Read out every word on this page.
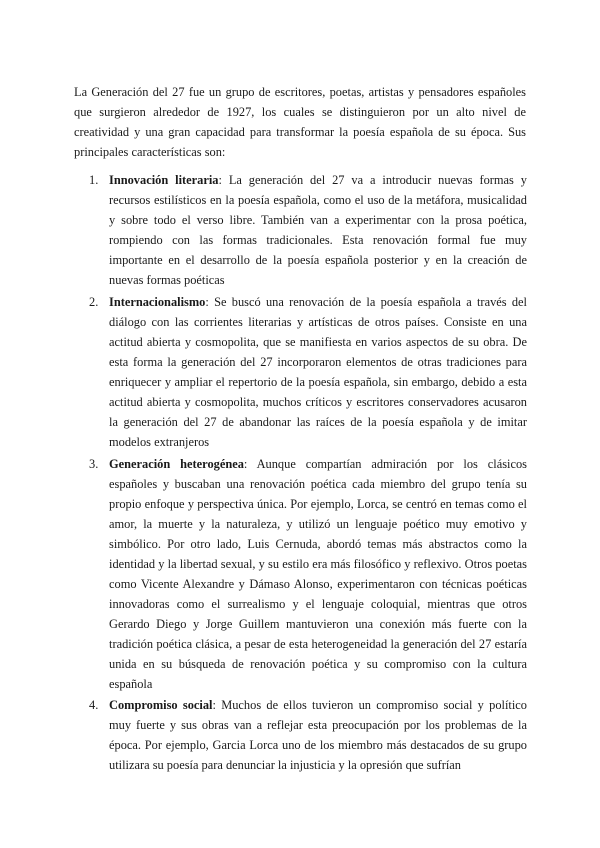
La Generación del 27 fue un grupo de escritores, poetas, artistas y pensadores españoles que surgieron alrededor de 1927, los cuales se distinguieron por un alto nivel de creatividad y una gran capacidad para transformar la poesía española de su época. Sus principales características son:

1. Innovación literaria: La generación del 27 va a introducir nuevas formas y recursos estilísticos en la poesía española, como el uso de la metáfora, musicalidad y sobre todo el verso libre. También van a experimentar con la prosa poética, rompiendo con las formas tradicionales. Esta renovación formal fue muy importante en el desarrollo de la poesía española posterior y en la creación de nuevas formas poéticas

2. Internacionalismo: Se buscó una renovación de la poesía española a través del diálogo con las corrientes literarias y artísticas de otros países. Consiste en una actitud abierta y cosmopolita, que se manifiesta en varios aspectos de su obra. De esta forma la generación del 27 incorporaron elementos de otras tradiciones para enriquecer y ampliar el repertorio de la poesía española, sin embargo, debido a esta actitud abierta y cosmopolita, muchos críticos y escritores conservadores acusaron la generación del 27 de abandonar las raíces de la poesía española y de imitar modelos extranjeros

3. Generación heterogénea: Aunque compartían admiración por los clásicos españoles y buscaban una renovación poética cada miembro del grupo tenía su propio enfoque y perspectiva única. Por ejemplo, Lorca, se centró en temas como el amor, la muerte y la naturaleza, y utilizó un lenguaje poético muy emotivo y simbólico. Por otro lado, Luis Cernuda, abordó temas más abstractos como la identidad y la libertad sexual, y su estilo era más filosófico y reflexivo. Otros poetas como Vicente Alexandre y Dámaso Alonso, experimentaron con técnicas poéticas innovadoras como el surrealismo y el lenguaje coloquial, mientras que otros Gerardo Diego y Jorge Guillem mantuvieron una conexión más fuerte con la tradición poética clásica, a pesar de esta heterogeneidad la generación del 27 estaría unida en su búsqueda de renovación poética y su compromiso con la cultura española

4. Compromiso social: Muchos de ellos tuvieron un compromiso social y político muy fuerte y sus obras van a reflejar esta preocupación por los problemas de la época. Por ejemplo, Garcia Lorca uno de los miembro más destacados de su grupo utilizara su poesía para denunciar la injusticia y la opresión que sufrían
